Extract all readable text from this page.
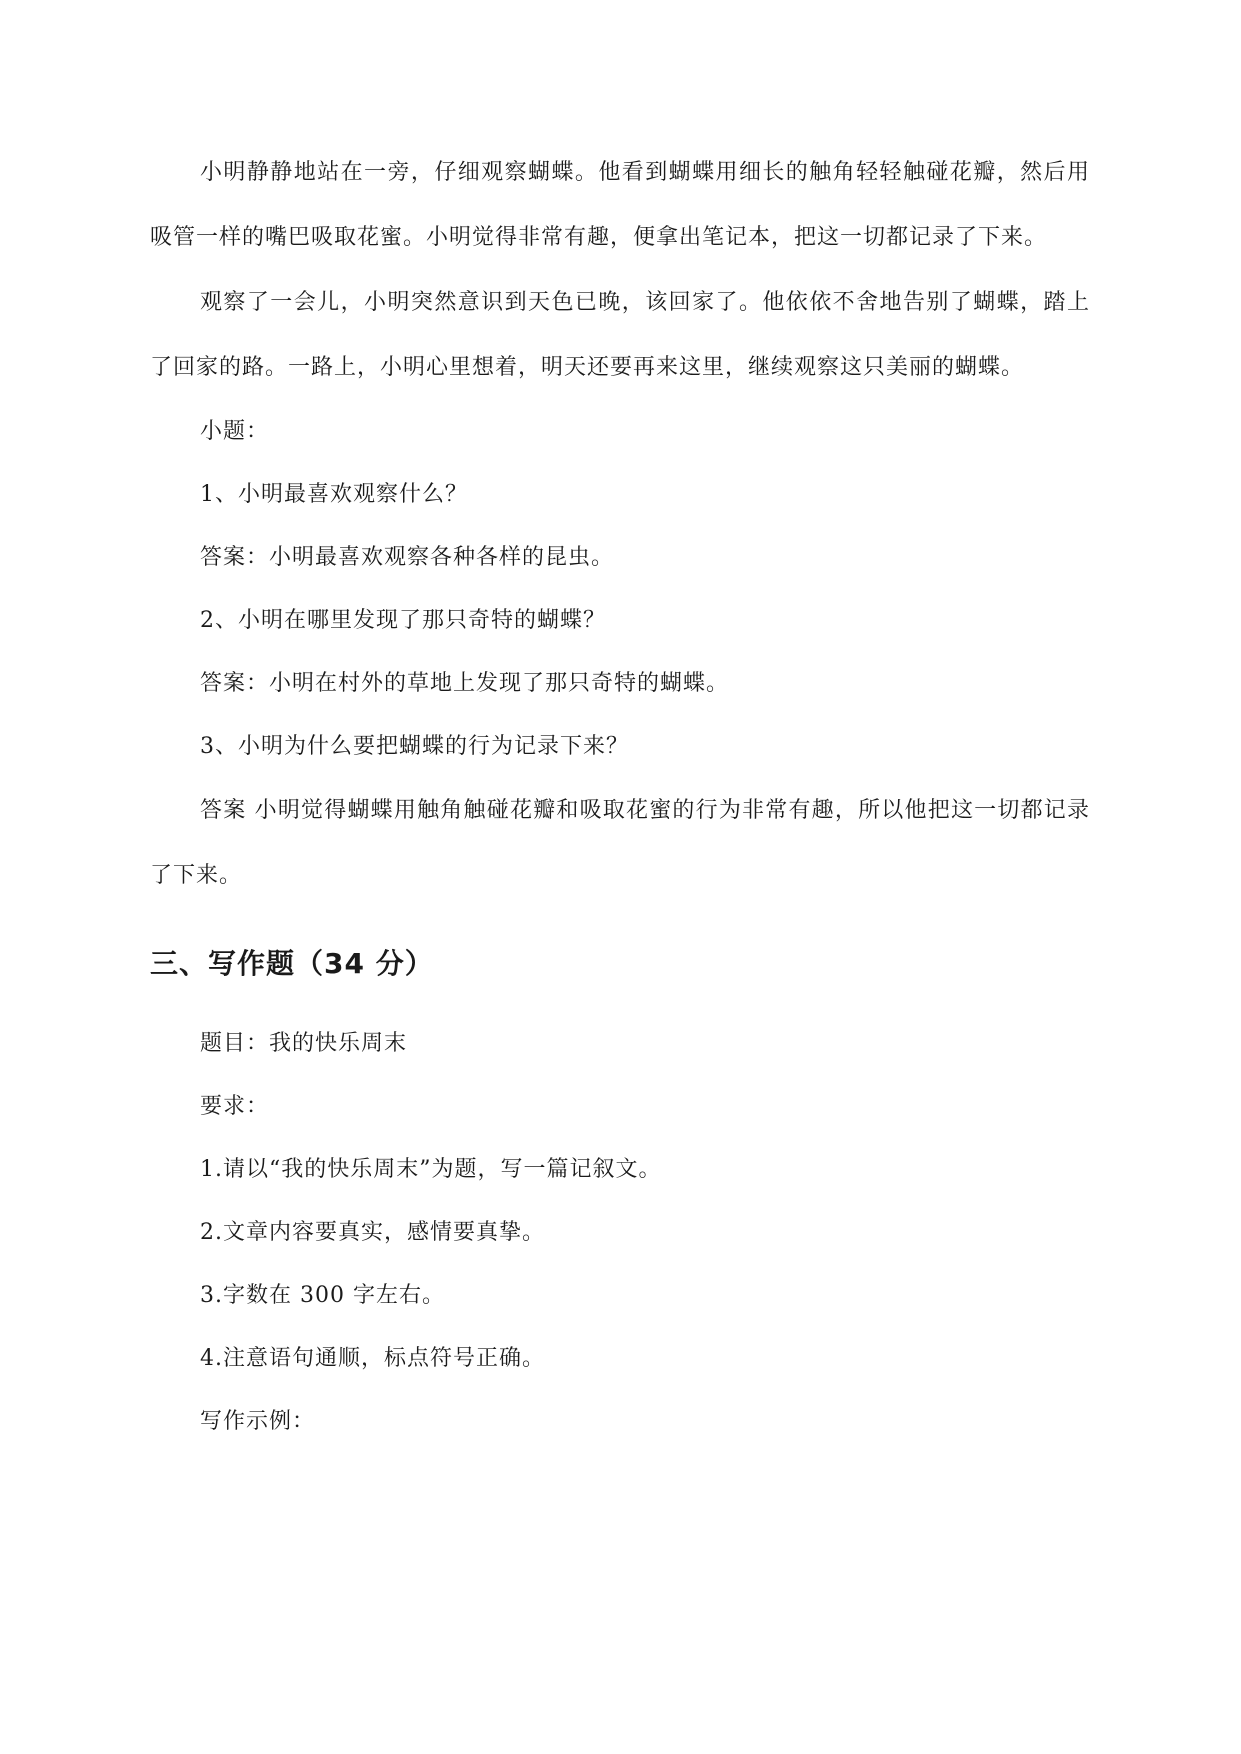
小明静静地站在一旁，仔细观察蝴蝶。他看到蝴蝶用细长的触角轻轻触碰花瓣，然后用吸管一样的嘴巴吸取花蜜。小明觉得非常有趣，便拿出笔记本，把这一切都记录了下来。

观察了一会儿，小明突然意识到天色已晚，该回家了。他依依不舍地告别了蝴蝶，踏上了回家的路。一路上，小明心里想着，明天还要再来这里，继续观察这只美丽的蝴蝶。

小题：

1、小明最喜欢观察什么？

答案：小明最喜欢观察各种各样的昆虫。

2、小明在哪里发现了那只奇特的蝴蝶？

答案：小明在村外的草地上发现了那只奇特的蝴蝶。

3、小明为什么要把蝴蝶的行为记录下来？

答案 小明觉得蝴蝶用触角触碰花瓣和吸取花蜜的行为非常有趣，所以他把这一切都记录了下来。

三、写作题（34 分）

题目：我的快乐周末

要求：

1.请以“我的快乐周末”为题，写一篇记叙文。

2.文章内容要真实，感情要真挚。

3.字数在 300 字左右。

4.注意语句通顺，标点符号正确。

写作示例：
